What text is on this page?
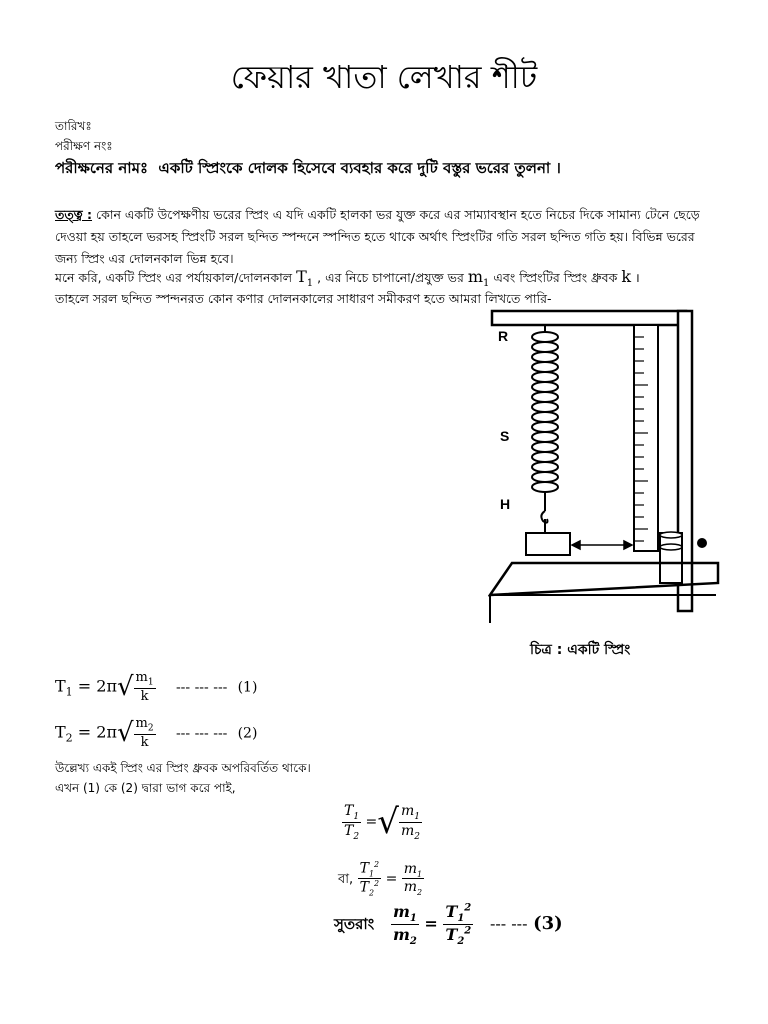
ফেয়ার খাতা লেখার শীট
তারিখঃ
পরীক্ষণ নংঃ
পরীক্ষনের নামঃ একটি স্প্রিংকে দোলক হিসেবে ব্যবহার করে দুটি বস্তুর ভরের তুলনা ।
তত্ত্ব : কোন একটি উপেক্ষণীয় ভরের স্প্রিং এ যদি একটি হালকা ভর যুক্ত করে এর সাম্যাবস্থান হতে নিচের দিকে সামান্য টেনে ছেড়ে দেওয়া হয় তাহলে ভরসহ স্প্রিংটি সরল ছন্দিত স্পন্দনে স্পন্দিত হতে থাকে অর্থাৎ স্প্রিংটির গতি সরল ছন্দিত গতি হয়। বিভিন্ন ভরের জন্য স্প্রিং এর দোলনকাল ভিন্ন হবে।
মনে করি, একটি স্প্রিং এর পর্যায়কাল/দোলনকাল $T_1$ , এর নিচে চাপানো/প্রযুক্ত ভর $m_1$ এবং স্প্রিংটির স্প্রিং ধ্রুবক k ।
তাহলে সরল ছন্দিত স্পন্দনরত কোন কণার দোলনকালের সাধারণ সমীকরণ হতে আমরা লিখতে পারি-
R
S
H
চিত্র : একটি স্প্রিং
$T_1 = 2\pi√ \frac{m_1}{k}$ --- --- --- (1)
$T_2 = 2\pi√ \frac{m_2}{k}$ --- --- --- (2)
উল্লেখ্য একই স্প্রিং এর স্প্রিং ধ্রুবক অপরিবর্তিত থাকে।
এখন (1) কে (2) দ্বারা ভাগ করে পাই,
$\frac{T_1}{T_2}$ =√ $\frac{m_1}{m_2}$
বা, $\frac{T_1^2}{T_2^2} = \frac{m_1}{m_2}$
সুতরাং $\frac{m_1}{m_2} = \frac{T_1^2}{T_2^2}$ --- --- (3)
